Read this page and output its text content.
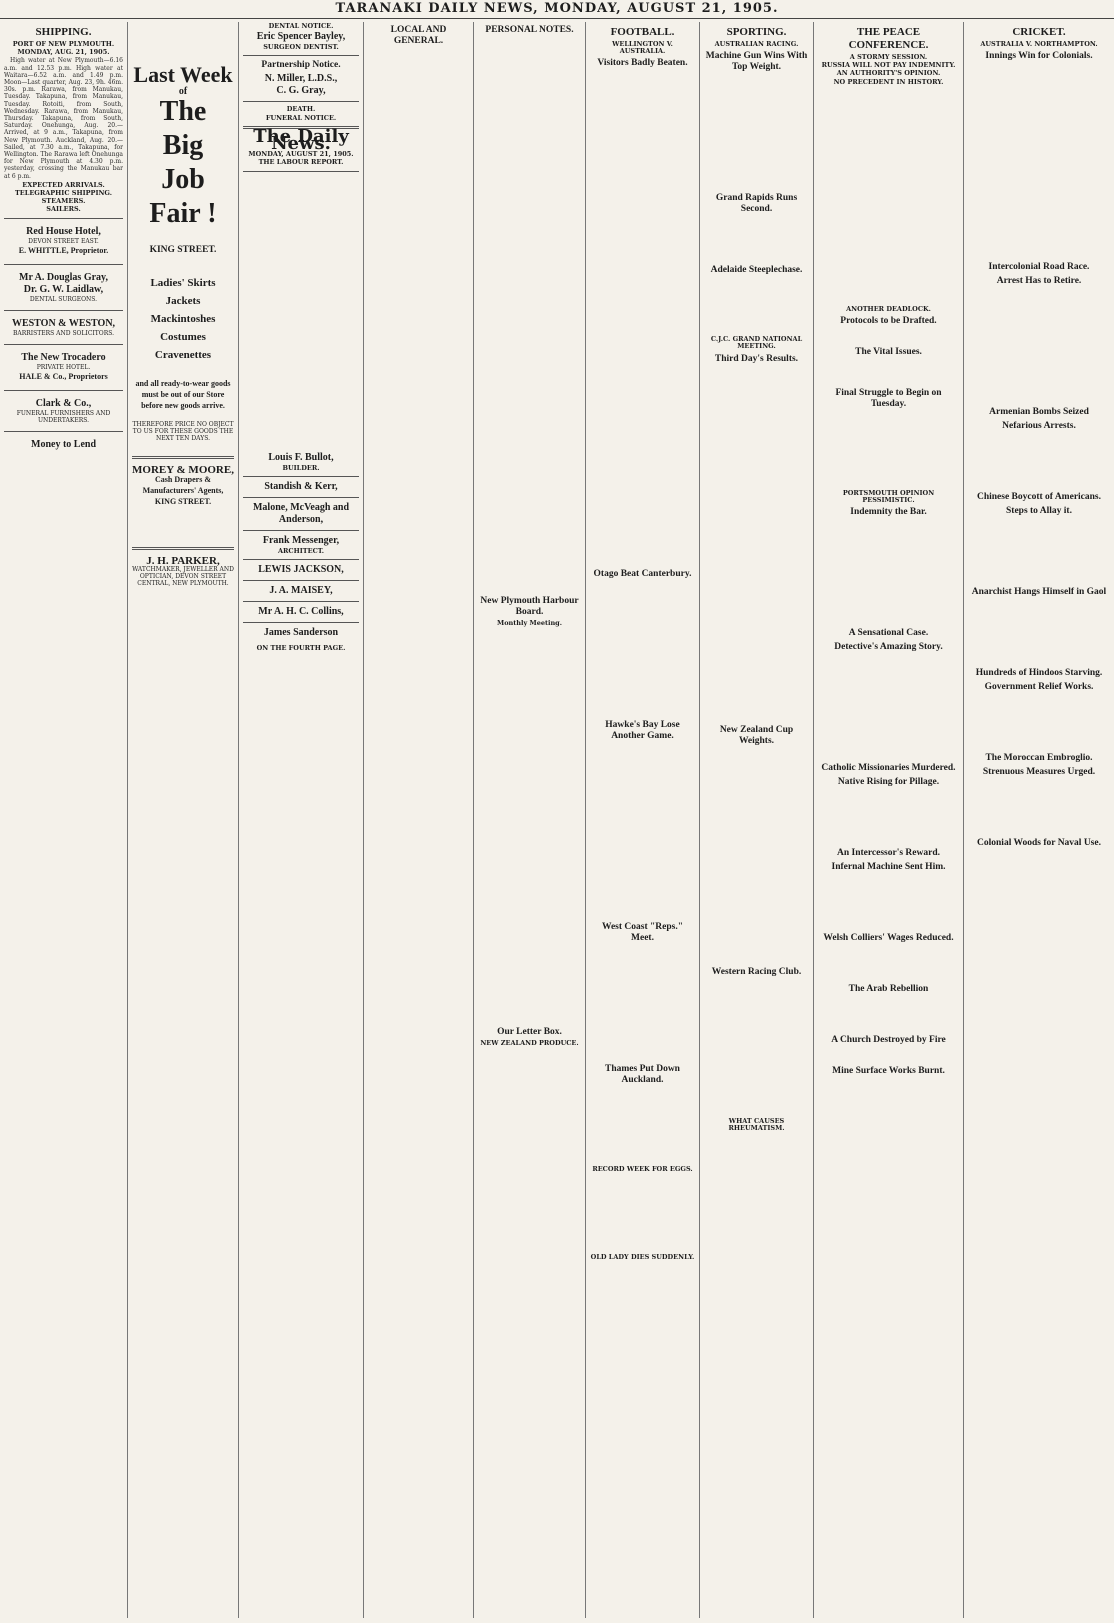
TARANAKI DAILY NEWS, MONDAY, AUGUST 21, 1905.
SHIPPING.
PORT OF NEW PLYMOUTH.
MONDAY, AUG. 21, 1905.

High water at New Plymouth—6.16 a.m. and 12.53 p.m. High water at Waitara—6.52 a.m. and 1.49 p.m. Moon—Last quarter, Aug. 23, 9h. 46m. 30s. p.m. Rarawa, from Manukau, Tuesday. Takapuna, from Manukau, Tuesday. Rotoiti, from South, Wednesday. Rarawa, from Manukau, Thursday. Takapuna, from South, Saturday. Onehunga, Aug. 20.—Arrived, at 9 a.m., Takapuna, from New Plymouth. Auckland, Aug. 20.—Sailed, at 7.30 a.m., Takapuna, for Wellington. The Rarawa left Onehunga for New Plymouth at 4.30 p.m. yesterday, crossing the Manukau bar at 6 p.m.

EXPECTED ARRIVALS.
TELEGRAPHIC SHIPPING.
STEAMERS.
SAILERS.
Red House Hotel,
DEVON STREET EAST.
E. WHITTLE, Proprietor.
Mr A. Douglas Gray,
Dr. G. W. Laidlaw,
DENTAL SURGEONS.
WESTON & WESTON,
BARRISTERS AND SOLICITORS.
The New Trocadero
PRIVATE HOTEL.
HALE & Co., Proprietors
Clark & Co.,
FUNERAL FURNISHERS AND UNDERTAKERS.
Money to Lend
Last Week
of
The
Big
Job
Fair !
KING STREET.
Ladies' Skirts
Jackets
Mackintoshes
Costumes
Cravenettes
and all ready-to-wear goods must be out of our Store before new goods arrive.
THEREFORE PRICE NO OBJECT TO US FOR THESE GOODS THE NEXT TEN DAYS.
MOREY & MOORE,
Cash Drapers & Manufacturers' Agents, KING STREET.
J. H. PARKER,
WATCHMAKER, JEWELLER AND OPTICIAN, DEVON STREET CENTRAL, NEW PLYMOUTH.
DENTAL NOTICE.
Eric Spencer Bayley,
SURGEON DENTIST.
Partnership Notice.
N. Miller, L.D.S.,
C. G. Gray,
DEATH.
FUNERAL NOTICE.
The Daily News.
MONDAY, AUGUST 21, 1905.
THE LABOUR REPORT.
Louis F. Bullot,
BUILDER.
Standish & Kerr,
Malone, McVeagh and Anderson,
Frank Messenger,
ARCHITECT.
LEWIS JACKSON,
J. A. MAISEY,
Mr A. H. C. Collins,
James Sanderson
ON THE FOURTH PAGE.
LOCAL AND GENERAL.
PERSONAL NOTES.
New Plymouth Harbour Board.
Monthly Meeting.
Our Letter Box.
NEW ZEALAND PRODUCE.
FOOTBALL.
WELLINGTON V. AUSTRALIA.
Visitors Badly Beaten.
Otago Beat Canterbury.
Hawke's Bay Lose Another Game.
West Coast "Reps." Meet.
Thames Put Down Auckland.
RECORD WEEK FOR EGGS.
OLD LADY DIES SUDDENLY.
SPORTING.
AUSTRALIAN RACING.
Machine Gun Wins With Top Weight.
Grand Rapids Runs Second.
Adelaide Steeplechase.
C.J.C. GRAND NATIONAL MEETING.
Third Day's Results.
New Zealand Cup Weights.
Western Racing Club.
WHAT CAUSES RHEUMATISM.
THE PEACE CONFERENCE.
A STORMY SESSION.
RUSSIA WILL NOT PAY INDEMNITY.
AN AUTHORITY'S OPINION.
NO PRECEDENT IN HISTORY.
ANOTHER DEADLOCK.
Protocols to be Drafted.
The Vital Issues.
Final Struggle to Begin on Tuesday.
PORTSMOUTH OPINION PESSIMISTIC.
Indemnity the Bar.
A Sensational Case.
Detective's Amazing Story.
Catholic Missionaries Murdered.
Native Rising for Pillage.
An Intercessor's Reward.
Infernal Machine Sent Him.
Welsh Colliers' Wages Reduced.
The Arab Rebellion
A Church Destroyed by Fire
Mine Surface Works Burnt.
CRICKET.
AUSTRALIA V. NORTHAMPTON.
Innings Win for Colonials.
Intercolonial Road Race.
Arrest Has to Retire.
Armenian Bombs Seized
Nefarious Arrests.
Chinese Boycott of Americans.
Steps to Allay it.
Anarchist Hangs Himself in Gaol
Hundreds of Hindoos Starving.
Government Relief Works.
The Moroccan Embroglio.
Strenuous Measures Urged.
Colonial Woods for Naval Use.
